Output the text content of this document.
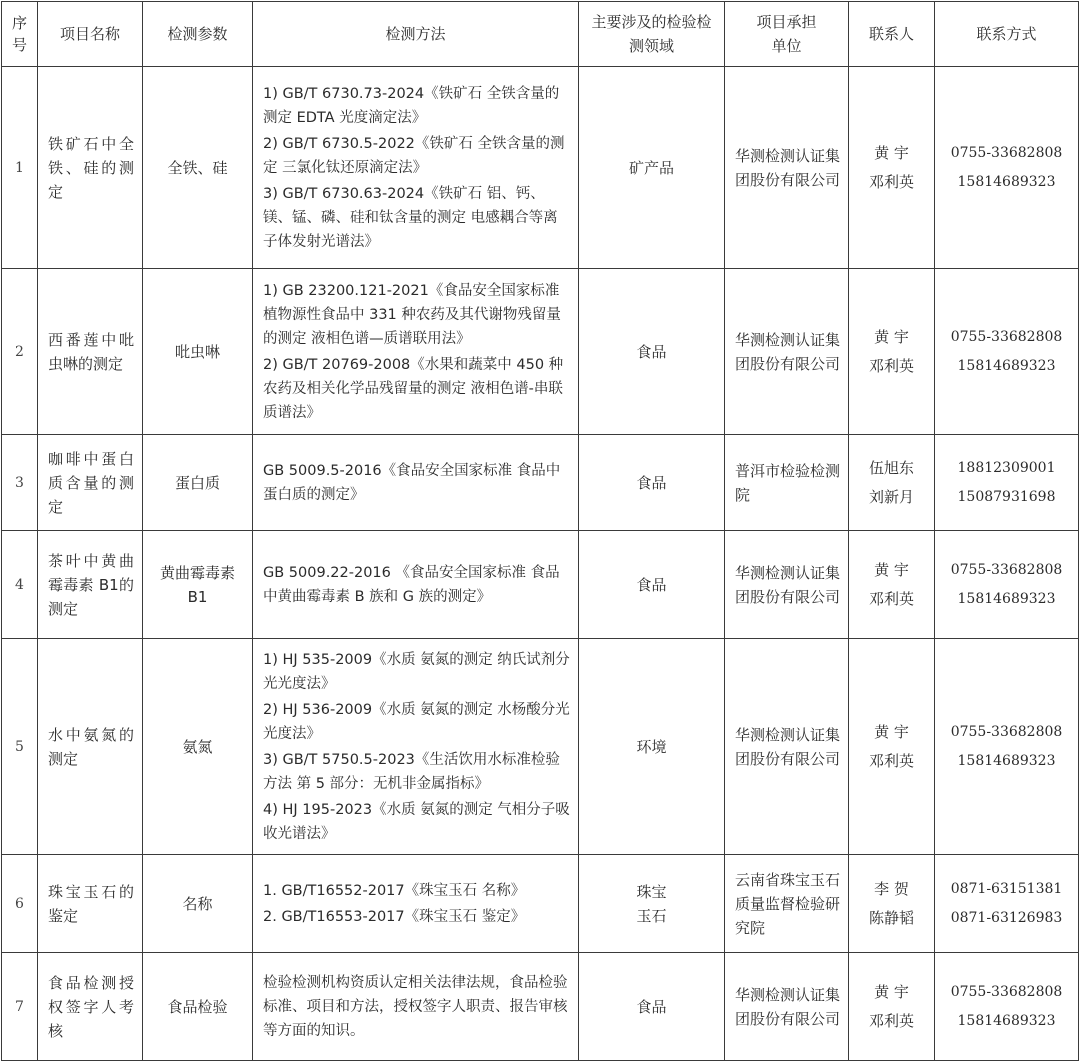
序号	项目名称	检测参数	检测方法	主要涉及的检验检测领域	项目承担单位	联系人	联系方式
1	铁矿石中全铁、硅的测定	全铁、硅	1) GB/T 6730.73-2024《铁矿石 全铁含量的测定 EDTA 光度滴定法》
2) GB/T 6730.5-2022《铁矿石 全铁含量的测定 三氯化钛还原滴定法》
3) GB/T 6730.63-2024《铁矿石 铝、钙、镁、锰、磷、硅和钛含量的测定 电感耦合等离子体发射光谱法》	矿产品	华测检测认证集团股份有限公司	黄 宇
邓利英	0755-33682808
15814689323

2	西番莲中吡虫啉的测定	吡虫啉	1) GB 23200.121-2021《食品安全国家标准 植物源性食品中 331 种农药及其代谢物残留量的测定 液相色谱—质谱联用法》
2) GB/T 20769-2008《水果和蔬菜中 450 种农药及相关化学品残留量的测定 液相色谱-串联质谱法》	食品	华测检测认证集团股份有限公司	黄 宇
邓利英	0755-33682808
15814689323

3	咖啡中蛋白质含量的测定	蛋白质	GB 5009.5-2016《食品安全国家标准 食品中蛋白质的测定》	食品	普洱市检验检测院	伍旭东
刘新月	18812309001
15087931698

4	茶叶中黄曲霉毒素 B1的测定	黄曲霉毒素 B1	GB 5009.22-2016 《食品安全国家标准 食品中黄曲霉毒素 B 族和 G 族的测定》	食品	华测检测认证集团股份有限公司	黄 宇
邓利英	0755-33682808
15814689323

5	水中氨氮的测定	氨氮	1) HJ 535-2009《水质 氨氮的测定 纳氏试剂分光光度法》
2) HJ 536-2009《水质 氨氮的测定 水杨酸分光光度法》
3) GB/T 5750.5-2023《生活饮用水标准检验方法 第 5 部分：无机非金属指标》
4) HJ 195-2023《水质 氨氮的测定 气相分子吸收光谱法》	环境	华测检测认证集团股份有限公司	黄 宇
邓利英	0755-33682808
15814689323

6	珠宝玉石的鉴定	名称	1. GB/T16552-2017《珠宝玉石 名称》
2. GB/T16553-2017《珠宝玉石 鉴定》	珠宝
玉石	云南省珠宝玉石质量监督检验研究院	李 贺
陈静韬	0871-63151381
0871-63126983

7	食品检测授权签字人考核	食品检验	检验检测机构资质认定相关法律法规，食品检验标准、项目和方法，授权签字人职责、报告审核等方面的知识。	食品	华测检测认证集团股份有限公司	黄 宇
邓利英	0755-33682808
15814689323
